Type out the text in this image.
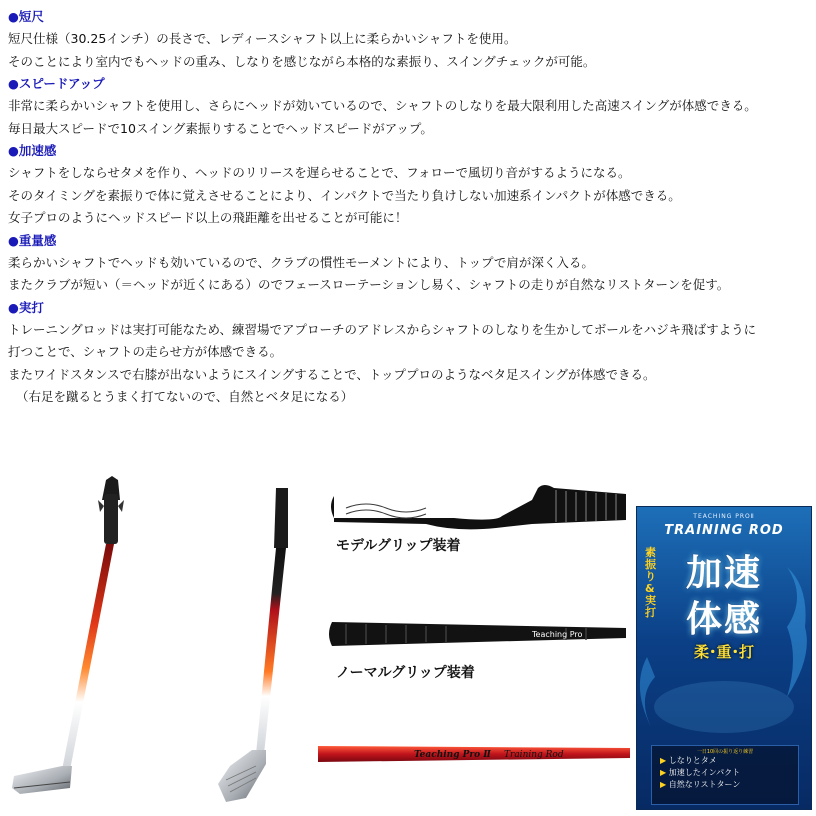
●短尺
短尺仕様（30.25インチ）の長さで、レディースシャフト以上に柔らかいシャフトを使用。
そのことにより室内でもヘッドの重み、しなりを感じながら本格的な素振り、スイングチェックが可能。
●スピードアップ
非常に柔らかいシャフトを使用し、さらにヘッドが効いているので、シャフトのしなりを最大限利用した高速スイングが体感できる。
毎日最大スピードで10スイング素振りすることでヘッドスピードがアップ。
●加速感
シャフトをしならせタメを作り、ヘッドのリリースを遅らせることで、フォローで風切り音がするようになる。
そのタイミングを素振りで体に覚えさせることにより、インパクトで当たり負けしない加速系インパクトが体感できる。
女子プロのようにヘッドスピード以上の飛距離を出せることが可能に！
●重量感
柔らかいシャフトでヘッドも効いているので、クラブの慣性モーメントにより、トップで肩が深く入る。
またクラブが短い（＝ヘッドが近くにある）のでフェースローテーションし易く、シャフトの走りが自然なリストターンを促す。
●実打
トレーニングロッドは実打可能なため、練習場でアプローチのアドレスからシャフトのしなりを生かしてボールをハジキ飛ばすように
打つことで、シャフトの走らせ方が体感できる。
またワイドスタンスで右膝が出ないようにスイングすることで、トッププロのようなベタ足スイングが体感できる。
（右足を蹴るとうまく打てないので、自然とベタ足になる）
モデルグリップ装着
Teaching Pro
ノーマルグリップ装着
Teaching Pro Ⅱ Training Rod
TEACHING PROⅡ
TRAINING ROD
素振り&実打
加速
体感
柔･重･打
一日10回の振り返り練習
▶ しなりとタメ
▶ 加速したインパクト
▶ 自然なリストターン
